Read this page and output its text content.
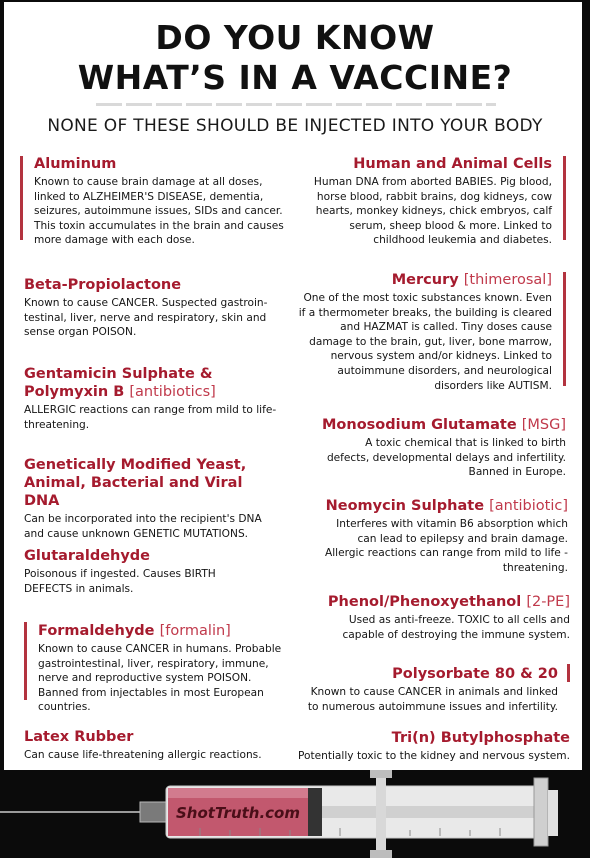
DO YOU KNOW
WHAT’S IN A VACCINE?
NONE OF THESE SHOULD BE INJECTED INTO YOUR BODY
Aluminum
Known to cause brain damage at all doses, linked to ALZHEIMER'S DISEASE, dementia, seizures, autoimmune issues, SIDs and cancer. This toxin accumulates in the brain and causes more damage with each dose.
Beta-Propiolactone
Known to cause CANCER. Suspected gastroin- testinal, liver, nerve and respiratory, skin and sense organ POISON.
Gentamicin Sulphate & Polymyxin B [antibiotics]
ALLERGIC reactions can range from mild to life-threatening.
Genetically Modified Yeast, Animal, Bacterial and Viral DNA
Can be incorporated into the recipient's DNA and cause unknown GENETIC MUTATIONS.
Glutaraldehyde
Poisonous if ingested. Causes BIRTH DEFECTS in animals.
Formaldehyde [formalin]
Known to cause CANCER in humans. Probable gastrointestinal, liver, respiratory, immune, nerve and reproductive system POISON. Banned from injectables in most European countries.
Latex Rubber
Can cause life-threatening allergic reactions.
Human and Animal Cells
Human DNA from aborted BABIES. Pig blood, horse blood, rabbit brains, dog kidneys, cow hearts, monkey kidneys, chick embryos, calf serum, sheep blood & more. Linked to childhood leukemia and diabetes.
Mercury [thimerosal]
One of the most toxic substances known. Even if a thermometer breaks, the building is cleared and HAZMAT is called. Tiny doses cause damage to the brain, gut, liver, bone marrow, nervous system and/or kidneys. Linked to autoimmune disorders, and neurological disorders like AUTISM.
Monosodium Glutamate [MSG]
A toxic chemical that is linked to birth defects, developmental delays and infertility. Banned in Europe.
Neomycin Sulphate [antibiotic]
Interferes with vitamin B6 absorption which can lead to epilepsy and brain damage. Allergic reactions can range from mild to life -threatening.
Phenol/Phenoxyethanol [2-PE]
Used as anti-freeze. TOXIC to all cells and capable of destroying the immune system.
Polysorbate 80 & 20
Known to cause CANCER in animals and linked to numerous autoimmune issues and infertility.
Tri(n) Butylphosphate
Potentially toxic to the kidney and nervous system.
ShotTruth.com
